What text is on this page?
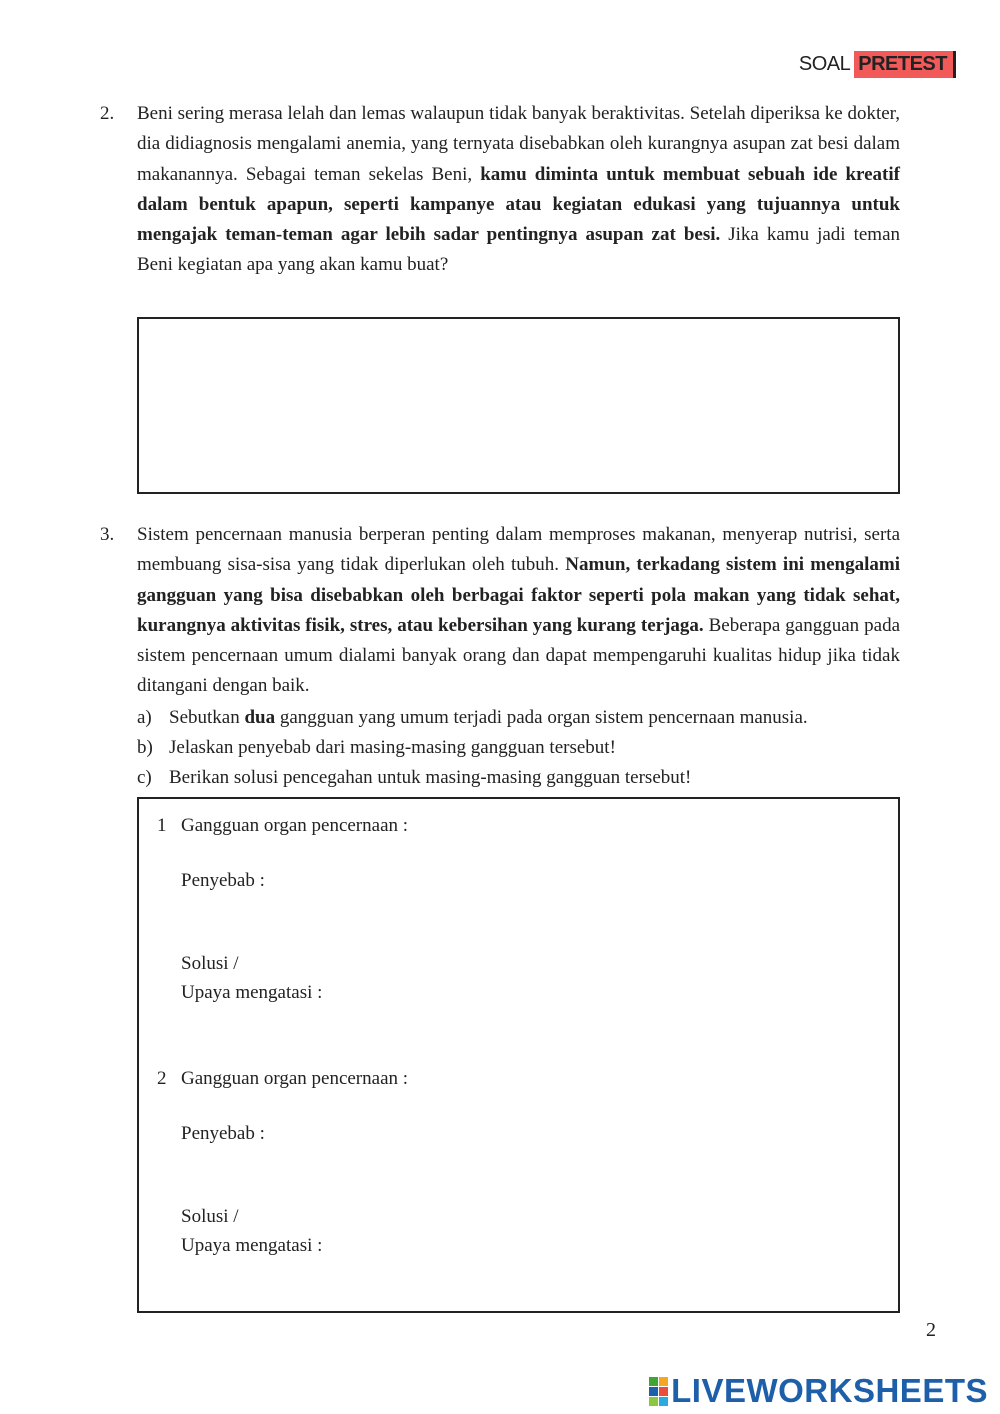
SOAL PRETEST
2. Beni sering merasa lelah dan lemas walaupun tidak banyak beraktivitas. Setelah diperiksa ke dokter, dia didiagnosis mengalami anemia, yang ternyata disebabkan oleh kurangnya asupan zat besi dalam makanannya. Sebagai teman sekelas Beni, kamu diminta untuk membuat sebuah ide kreatif dalam bentuk apapun, seperti kampanye atau kegiatan edukasi yang tujuannya untuk mengajak teman-teman agar lebih sadar pentingnya asupan zat besi. Jika kamu jadi teman Beni kegiatan apa yang akan kamu buat?
3. Sistem pencernaan manusia berperan penting dalam memproses makanan, menyerap nutrisi, serta membuang sisa-sisa yang tidak diperlukan oleh tubuh. Namun, terkadang sistem ini mengalami gangguan yang bisa disebabkan oleh berbagai faktor seperti pola makan yang tidak sehat, kurangnya aktivitas fisik, stres, atau kebersihan yang kurang terjaga. Beberapa gangguan pada sistem pencernaan umum dialami banyak orang dan dapat mempengaruhi kualitas hidup jika tidak ditangani dengan baik.
a) Sebutkan dua gangguan yang umum terjadi pada organ sistem pencernaan manusia.
b) Jelaskan penyebab dari masing-masing gangguan tersebut!
c) Berikan solusi pencegahan untuk masing-masing gangguan tersebut!
1 Gangguan organ pencernaan :
Penyebab :
Solusi /
Upaya mengatasi :
2 Gangguan organ pencernaan :
Penyebab :
Solusi /
Upaya mengatasi :
2
LIVEWORKSHEETS
